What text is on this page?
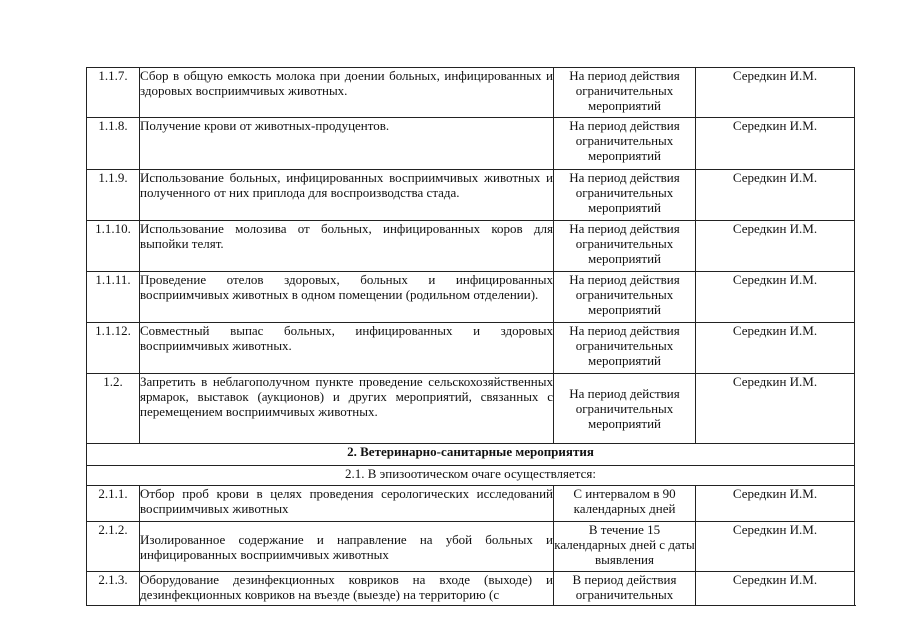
1.1.7.	Сбор в общую емкость молока при доении больных, инфицированных и здоровых восприимчивых животных.	На период действия ограничительных мероприятий	Середкин И.М.
1.1.8.	Получение крови от животных-продуцентов.	На период действия ограничительных мероприятий	Середкин И.М.
1.1.9.	Использование больных, инфицированных восприимчивых животных и полученного от них приплода для воспроизводства стада.	На период действия ограничительных мероприятий	Середкин И.М.
1.1.10.	Использование молозива от больных, инфицированных коров для выпойки телят.	На период действия ограничительных мероприятий	Середкин И.М.
1.1.11.	Проведение отелов здоровых, больных и инфицированных восприимчивых животных в одном помещении (родильном отделении).	На период действия ограничительных мероприятий	Середкин И.М.
1.1.12.	Совместный выпас больных, инфицированных и здоровых восприимчивых животных.	На период действия ограничительных мероприятий	Середкин И.М.
1.2.	Запретить в неблагополучном пункте проведение сельскохозяйственных ярмарок, выставок (аукционов) и других мероприятий, связанных с перемещением восприимчивых животных.	На период действия ограничительных мероприятий	Середкин И.М.
2. Ветеринарно-санитарные мероприятия			
2.1. В эпизоотическом очаге осуществляется:			
2.1.1.	Отбор проб крови в целях проведения серологических исследований восприимчивых животных	С интервалом в 90 календарных дней	Середкин И.М.
2.1.2.	Изолированное содержание и направление на убой больных и инфицированных восприимчивых животных	В течение 15 календарных дней с даты выявления	Середкин И.М.
2.1.3.	Оборудование дезинфекционных ковриков на входе (выходе) и дезинфекционных ковриков на въезде (выезде) на территорию (с	В период действия ограничительных	Середкин И.М.
